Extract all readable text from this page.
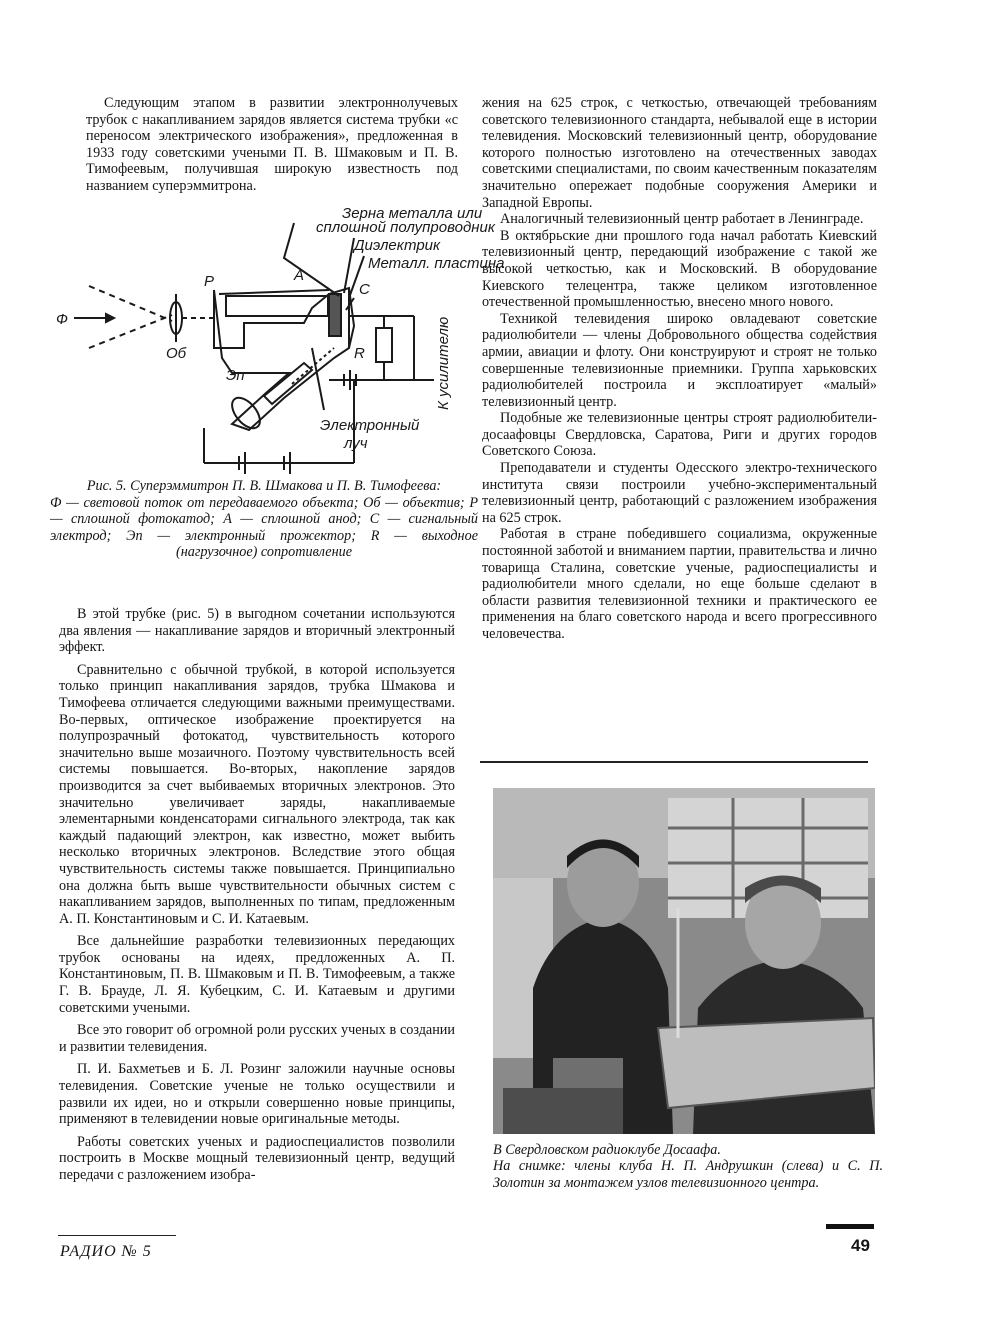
Следующим этапом в развитии электроннолучевых трубок с накапливанием зарядов является система трубки «с переносом электрического изображения», предложенная в 1933 году советскими учеными П. В. Шмаковым и П. В. Тимофеевым, получившая широкую известность под названием суперэммитрона.

Зерна металла или
сплошной полупроводник
Диэлектрик
Металл. пластина
Ф
Об
Р	А
С
R
Эп
Электронный
луч
К усилителю

Рис. 5. Суперэммитрон П. В. Шмакова и П. В. Тимофеева:

Ф — световой поток от передаваемого объекта; Об — объектив; Р — сплошной фотокатод; А — сплошной анод; С — сигнальный электрод; Эп — электронный прожектор; R — выходное (нагрузочное) сопротивление

В этой трубке (рис. 5) в выгодном сочетании используются два явления — накапливание зарядов и вторичный электронный эффект.

Сравнительно с обычной трубкой, в которой используется только принцип накапливания зарядов, трубка Шмакова и Тимофеева отличается следующими важными преимуществами. Во-первых, оптическое изображение проектируется на полупрозрачный фотокатод, чувствительность которого значительно выше мозаичного. Поэтому чувствительность всей системы повышается. Во-вторых, накопление зарядов производится за счет выбиваемых вторичных электронов. Это значительно увеличивает заряды, накапливаемые элементарными конденсаторами сигнального электрода, так как каждый падающий электрон, как известно, может выбить несколько вторичных электронов. Вследствие этого общая чувствительность системы также повышается. Принципиально она должна быть выше чувствительности обычных систем с накапливанием зарядов, выполненных по типам, предложенным А. П. Константиновым и С. И. Катаевым.

Все дальнейшие разработки телевизионных передающих трубок основаны на идеях, предложенных А. П. Константиновым, П. В. Шмаковым и П. В. Тимофеевым, а также Г. В. Брауде, Л. Я. Кубецким, С. И. Катаевым и другими советскими учеными.

Все это говорит об огромной роли русских ученых в создании и развитии телевидения.

П. И. Бахметьев и Б. Л. Розинг заложили научные основы телевидения. Советские ученые не только осуществили и развили их идеи, но и открыли совершенно новые принципы, применяют в телевидении новые оригинальные методы.

Работы советских ученых и радиоспециалистов позволили построить в Москве мощный телевизионный центр, ведущий передачи с разложением изобра-

жения на 625 строк, с четкостью, отвечающей требованиям советского телевизионного стандарта, небывалой еще в истории телевидения. Московский телевизионный центр, оборудование которого полностью изготовлено на отечественных заводах советскими специалистами, по своим качественным показателям значительно опережает подобные сооружения Америки и Западной Европы.

Аналогичный телевизионный центр работает в Ленинграде.

В октябрьские дни прошлого года начал работать Киевский телевизионный центр, передающий изображение с такой же высокой четкостью, как и Московский. В оборудование Киевского телецентра, также целиком изготовленное отечественной промышленностью, внесено много нового.

Техникой телевидения широко овладевают советские радиолюбители — члены Добровольного общества содействия армии, авиации и флоту. Они конструируют и строят не только совершенные телевизионные приемники. Группа харьковских радиолюбителей построила и эксплоатирует «малый» телевизионный центр.

Подобные же телевизионные центры строят радиолюбители-досаафовцы Свердловска, Саратова, Риги и других городов Советского Союза.

Преподаватели и студенты Одесского электро-технического института связи построили учебно-экспериментальный телевизионный центр, работающий с разложением изображения на 625 строк.

Работая в стране победившего социализма, окруженные постоянной заботой и вниманием партии, правительства и лично товарища Сталина, советские ученые, радиоспециалисты и радиолюбители много сделали, но еще больше сделают в области развития телевизионной техники и практического ее применения на благо советского народа и всего прогрессивного человечества.

В Свердловском радиоклубе Досаафа.

На снимке: члены клуба Н. П. Андрушкин (слева) и С. П. Золотин за монтажем узлов телевизионного центра.

РАДИО № 5	49
